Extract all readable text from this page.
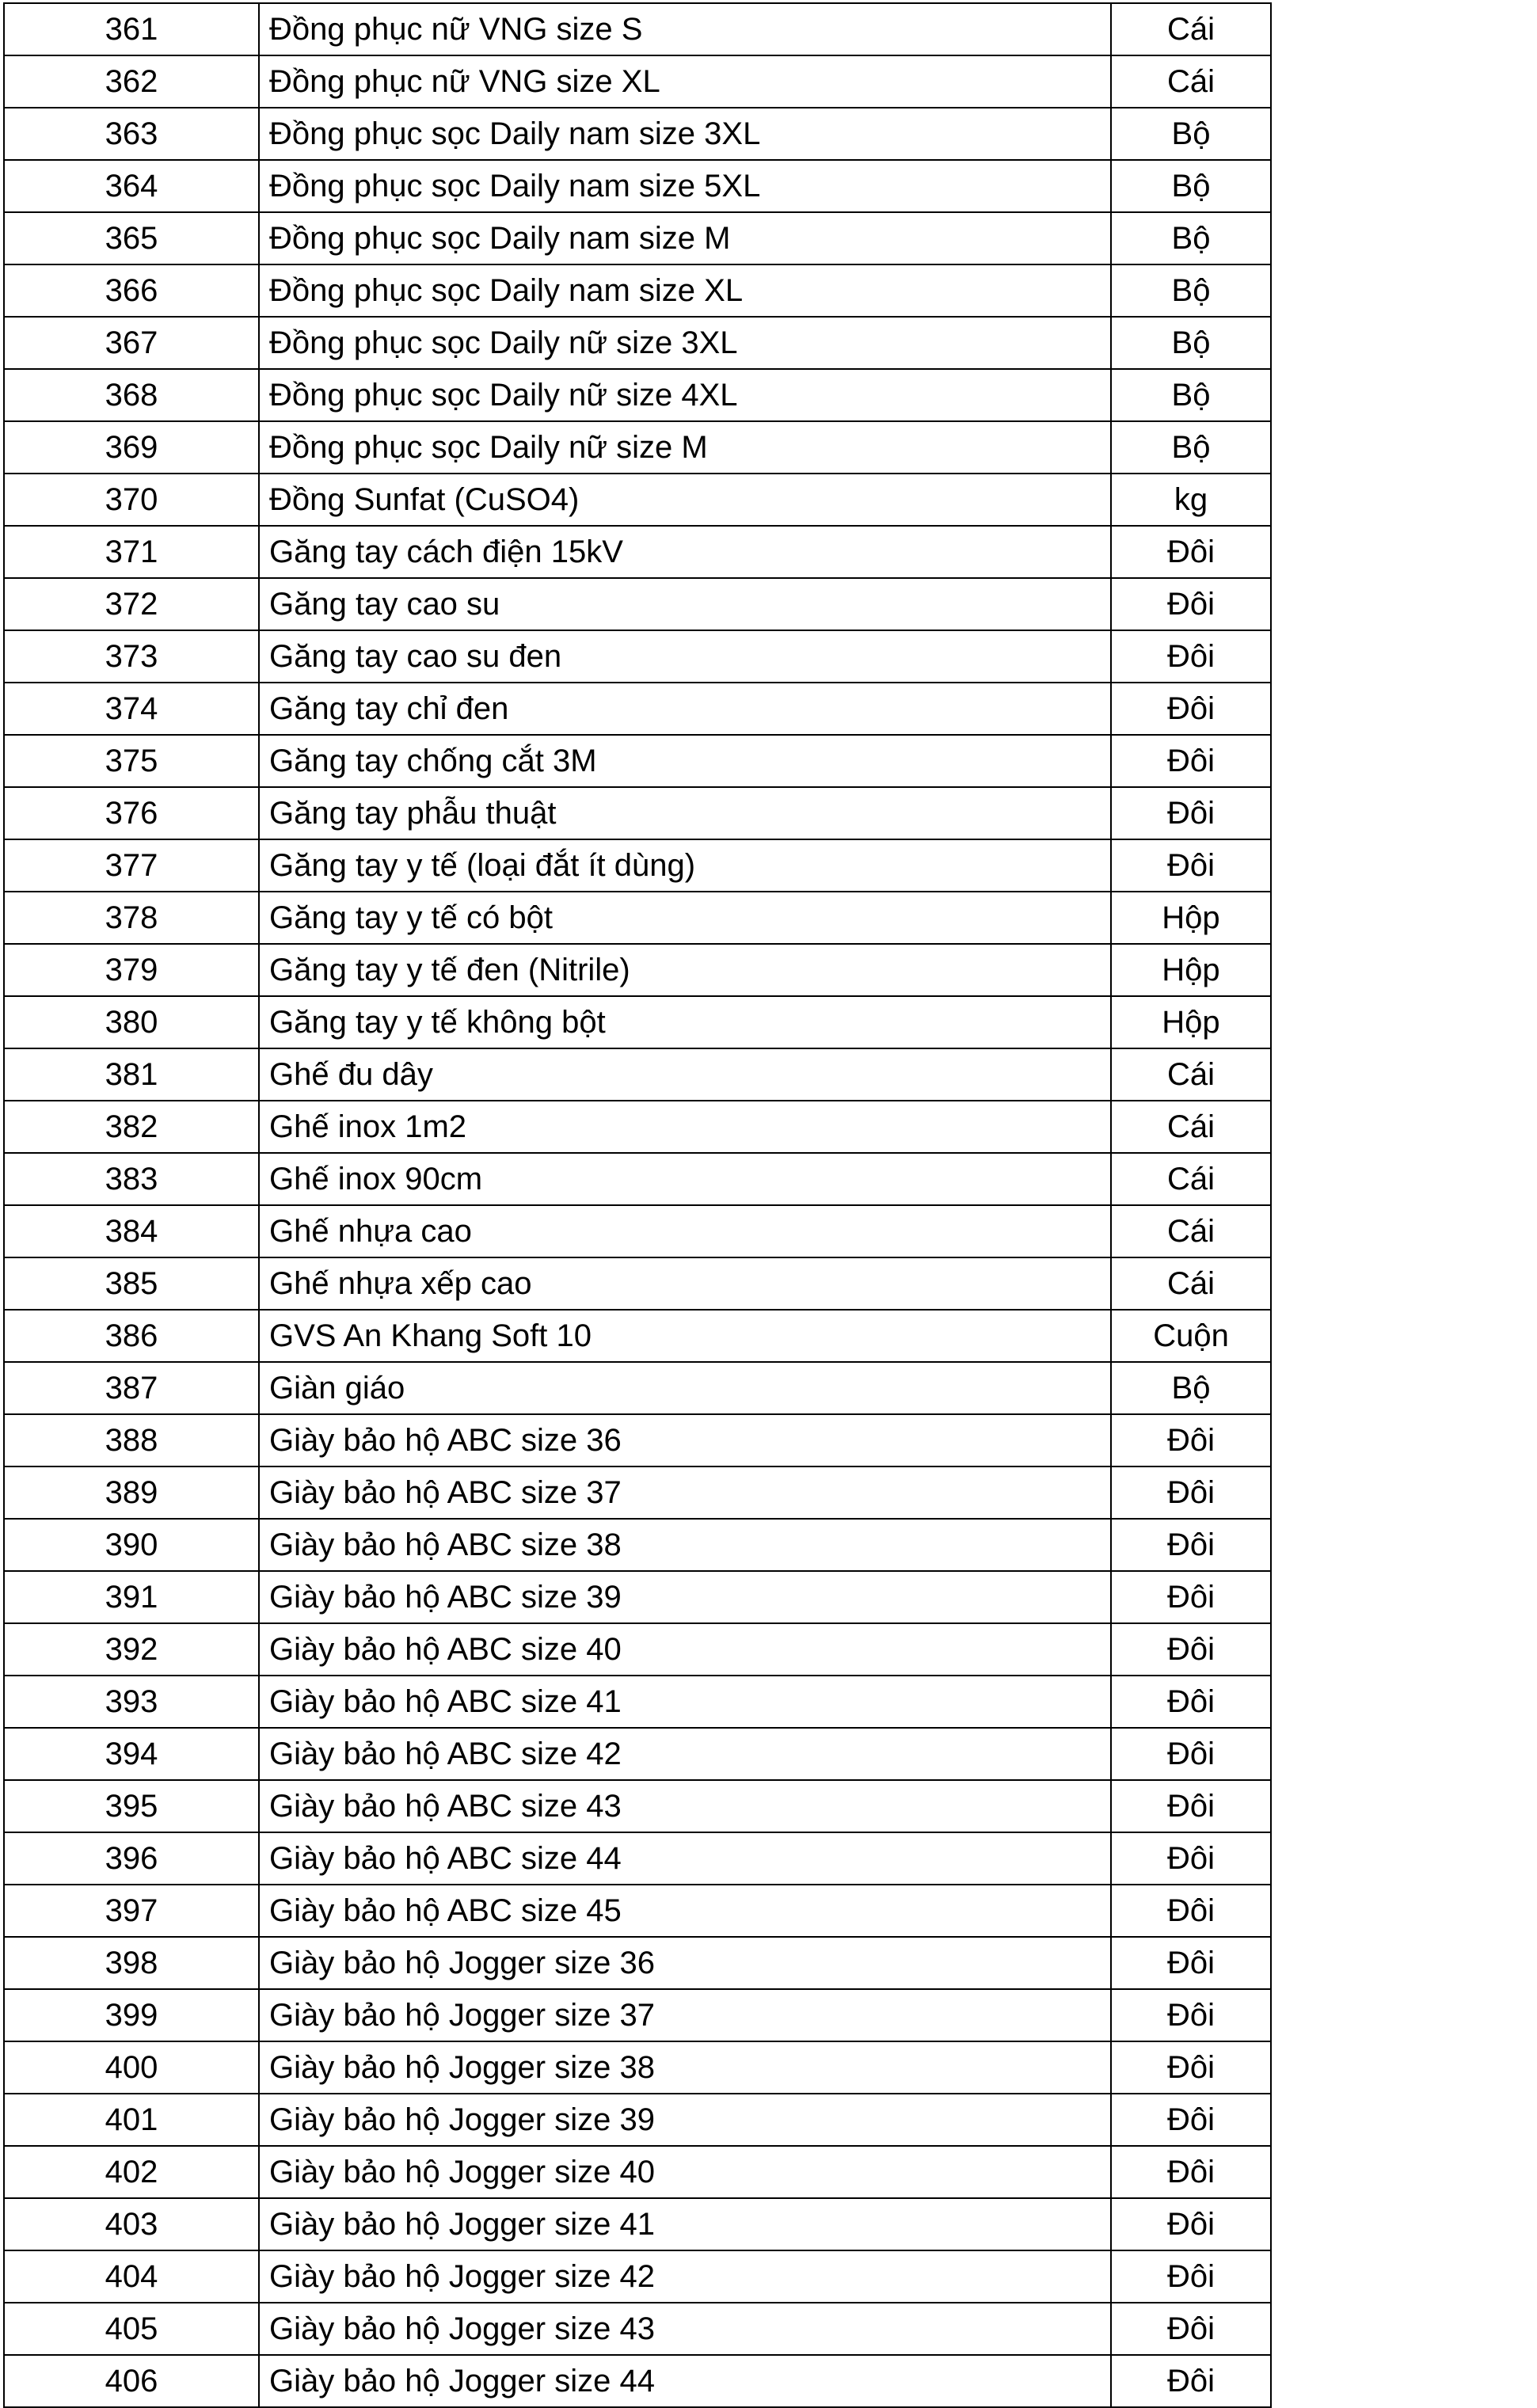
361	Đồng phục nữ VNG size S	Cái
362	Đồng phục nữ VNG size XL	Cái
363	Đồng phục sọc Daily nam size 3XL	Bộ
364	Đồng phục sọc Daily nam size 5XL	Bộ
365	Đồng phục sọc Daily nam size M	Bộ
366	Đồng phục sọc Daily nam size XL	Bộ
367	Đồng phục sọc Daily nữ size 3XL	Bộ
368	Đồng phục sọc Daily nữ size 4XL	Bộ
369	Đồng phục sọc Daily nữ size M	Bộ
370	Đồng Sunfat (CuSO4)	kg
371	Găng tay cách điện 15kV	Đôi
372	Găng tay cao su	Đôi
373	Găng tay cao su đen	Đôi
374	Găng tay chỉ đen	Đôi
375	Găng tay chống cắt 3M	Đôi
376	Găng tay phẫu thuật	Đôi
377	Găng tay y tế (loại đắt ít dùng)	Đôi
378	Găng tay y tế có bột	Hộp
379	Găng tay y tế đen (Nitrile)	Hộp
380	Găng tay y tế không bột	Hộp
381	Ghế đu dây	Cái
382	Ghế inox 1m2	Cái
383	Ghế inox 90cm	Cái
384	Ghế nhựa cao	Cái
385	Ghế nhựa xếp cao	Cái
386	GVS An Khang Soft 10	Cuộn
387	Giàn giáo	Bộ
388	Giày bảo hộ ABC size 36	Đôi
389	Giày bảo hộ ABC size 37	Đôi
390	Giày bảo hộ ABC size 38	Đôi
391	Giày bảo hộ ABC size 39	Đôi
392	Giày bảo hộ ABC size 40	Đôi
393	Giày bảo hộ ABC size 41	Đôi
394	Giày bảo hộ ABC size 42	Đôi
395	Giày bảo hộ ABC size 43	Đôi
396	Giày bảo hộ ABC size 44	Đôi
397	Giày bảo hộ ABC size 45	Đôi
398	Giày bảo hộ Jogger size 36	Đôi
399	Giày bảo hộ Jogger size 37	Đôi
400	Giày bảo hộ Jogger size 38	Đôi
401	Giày bảo hộ Jogger size 39	Đôi
402	Giày bảo hộ Jogger size 40	Đôi
403	Giày bảo hộ Jogger size 41	Đôi
404	Giày bảo hộ Jogger size 42	Đôi
405	Giày bảo hộ Jogger size 43	Đôi
406	Giày bảo hộ Jogger size 44	Đôi
